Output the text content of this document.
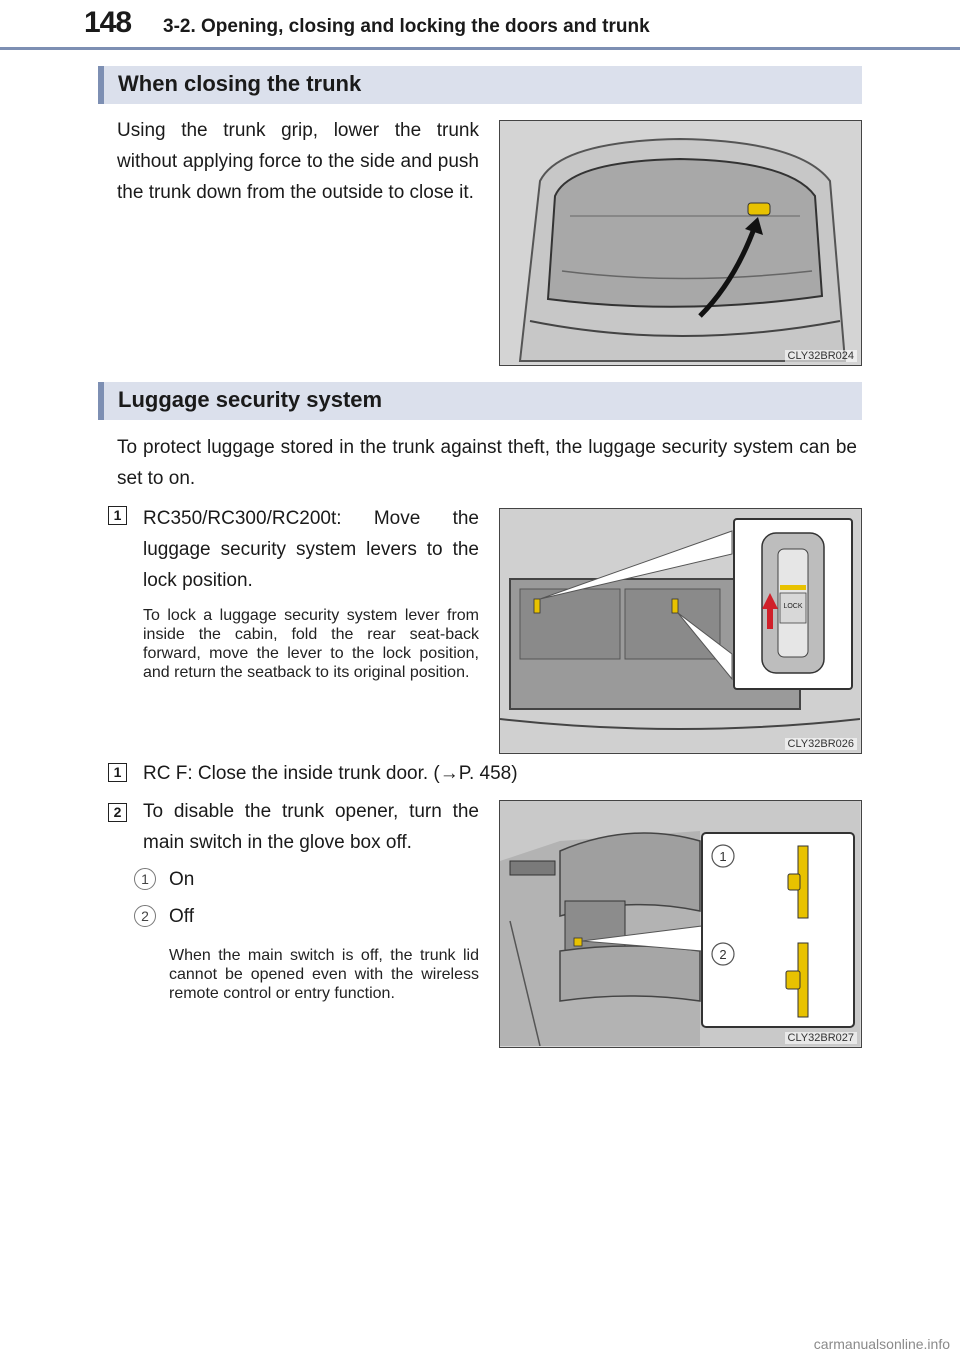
148 3-2. Opening, closing and locking the doors and trunk
When closing the trunk
Using the trunk grip, lower the trunk without applying force to the side and push the trunk down from the outside to close it.
CLY32BR024
Luggage security system
To protect luggage stored in the trunk against theft, the luggage security system can be set to on.
1 RC350/RC300/RC200t: Move the luggage security system levers to the lock position.
To lock a luggage security system lever from inside the cabin, fold the rear seat-back forward, move the lever to the lock position, and return the seatback to its original position.
LOCK
CLY32BR026
1 RC F: Close the inside trunk door. (→P. 458)
2 To disable the trunk opener, turn the main switch in the glove box off.
1	On
2	Off
When the main switch is off, the trunk lid cannot be opened even with the wireless remote control or entry function.
1
2
CLY32BR027
carmanualsonline.info
